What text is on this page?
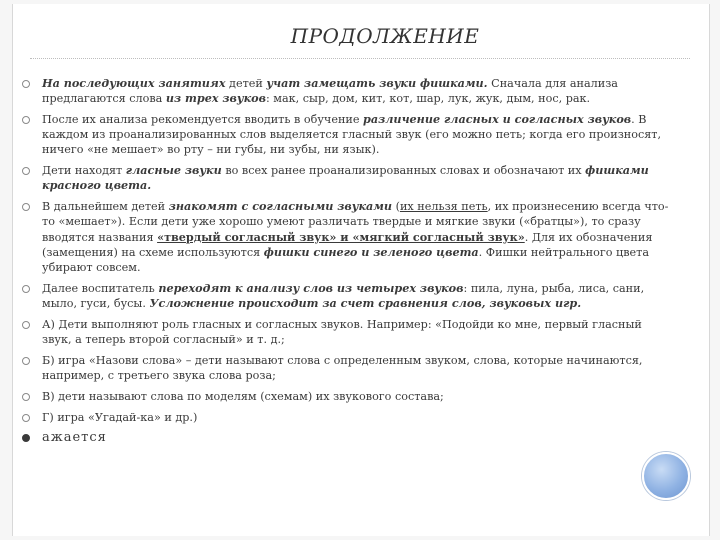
ПРОДОЛЖЕНИЕ
На последующих занятиях детей учат замещать звуки фишками. Сначала для анализа предлагаются слова из трех звуков: мак, сыр, дом, кит, кот, шар, лук, жук, дым, нос, рак.
После их анализа рекомендуется вводить в обучение различение гласных и согласных звуков. В каждом из проанализированных слов выделяется гласный звук (его можно петь; когда его произносят, ничего «не мешает» во рту – ни губы, ни зубы, ни язык).
Дети находят гласные звуки во всех ранее проанализированных словах и обозначают их фишками красного цвета.
В дальнейшем детей знакомят с согласными звуками (их нельзя петь, их произнесению всегда что-то «мешает»). Если дети уже хорошо умеют различать твердые и мягкие звуки («братцы»), то сразу вводятся названия «твердый согласный звук» и «мягкий согласный звук». Для их обозначения (замещения) на схеме используются фишки синего и зеленого цвета. Фишки нейтрального цвета убирают совсем.
Далее воспитатель переходят к анализу слов из четырех звуков: пила, луна, рыба, лиса, сани, мыло, гуси, бусы. Усложнение происходит за счет сравнения слов, звуковых игр.
А) Дети выполняют роль гласных и согласных звуков. Например: «Подойди ко мне, первый гласный звук, а теперь второй согласный» и т. д.;
Б) игра «Назови слова» – дети называют слова с определенным звуком, слова, которые начинаются, например, с третьего звука слова роза;
В) дети называют слова по моделям (схемам) их звукового состава;
Г) игра «Угадай-ка» и др.)
ажается
